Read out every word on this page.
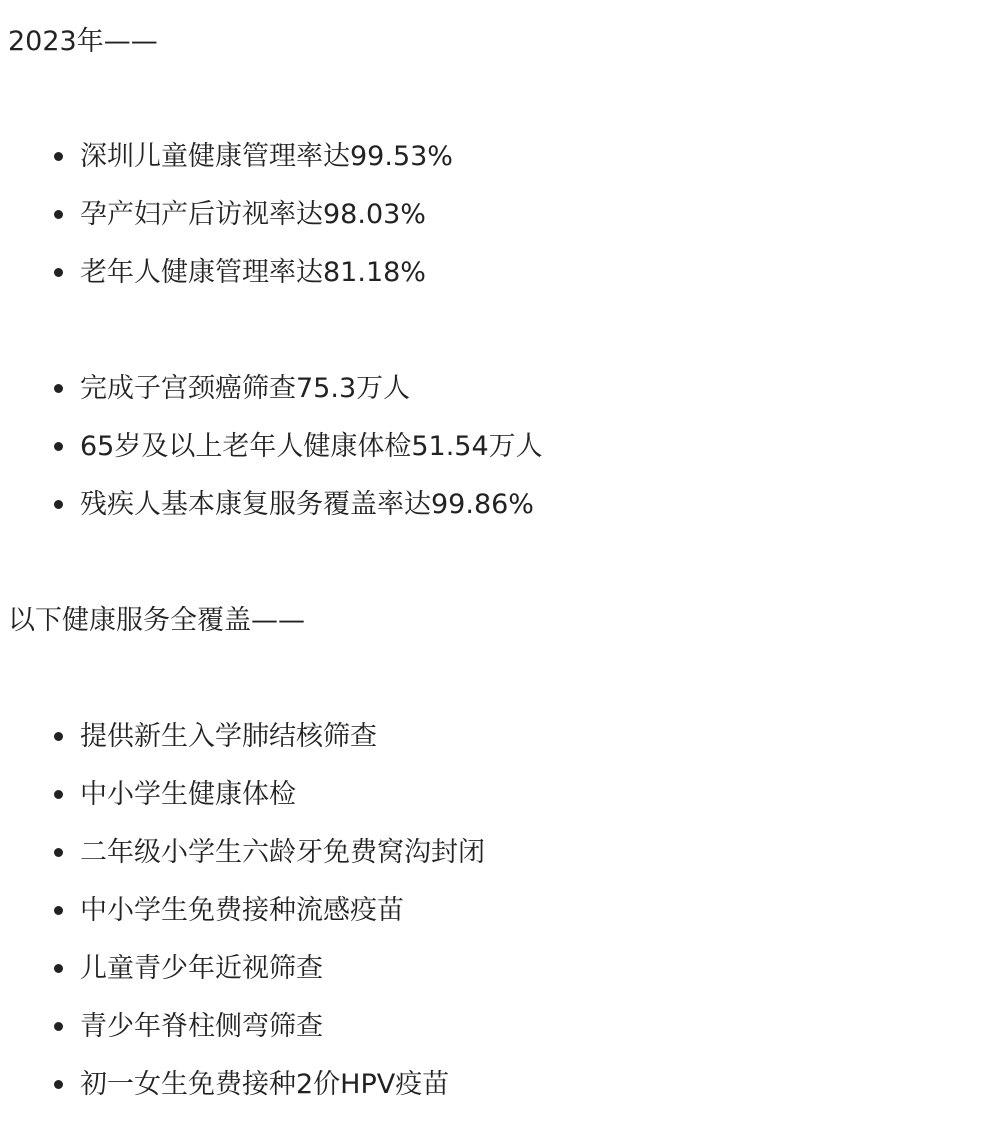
2023年——
深圳儿童健康管理率达99.53%
孕产妇产后访视率达98.03%
老年人健康管理率达81.18%
完成子宫颈癌筛查75.3万人
65岁及以上老年人健康体检51.54万人
残疾人基本康复服务覆盖率达99.86%
以下健康服务全覆盖——
提供新生入学肺结核筛查
中小学生健康体检
二年级小学生六龄牙免费窝沟封闭
中小学生免费接种流感疫苗
儿童青少年近视筛查
青少年脊柱侧弯筛查
初一女生免费接种2价HPV疫苗
